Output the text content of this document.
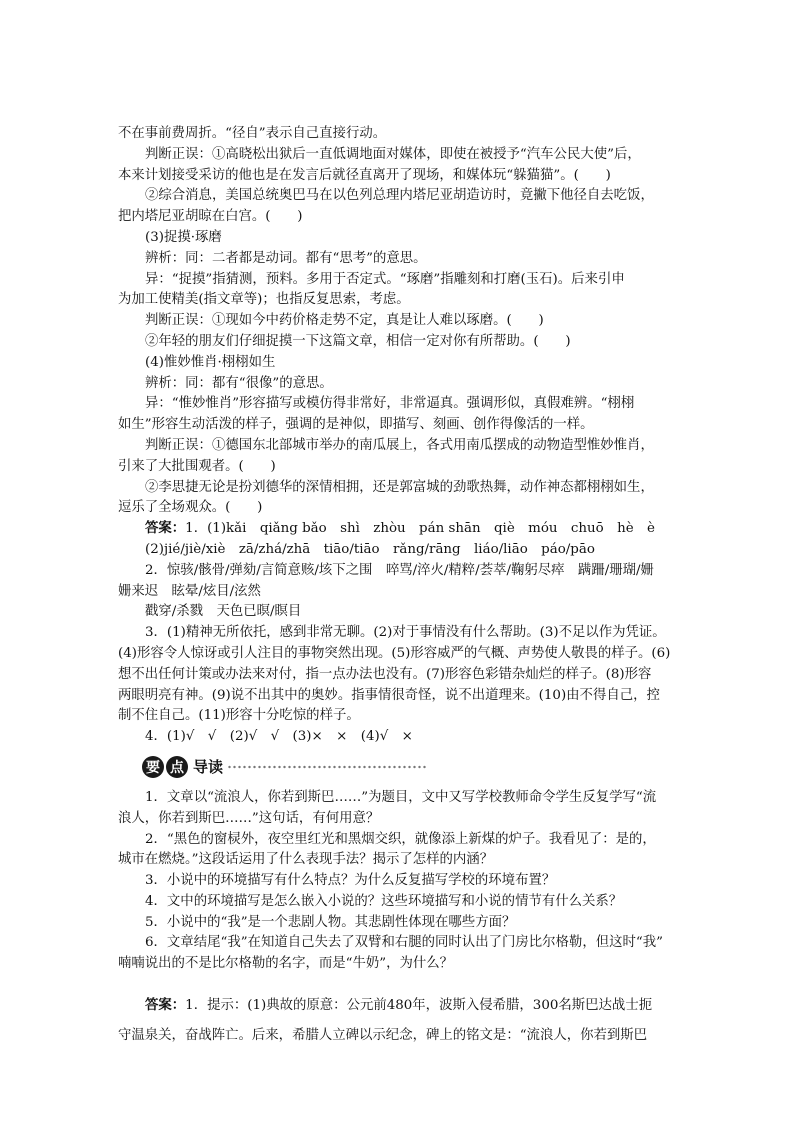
不在事前费周折。“径自”表示自己直接行动。
判断正误：①高晓松出狱后一直低调地面对媒体，即使在被授予“汽车公民大使”后，
本来计划接受采访的他也是在发言后就径直离开了现场，和媒体玩“躲猫猫”。(　　)
②综合消息，美国总统奥巴马在以色列总理内塔尼亚胡造访时，竟撇下他径自去吃饭，
把内塔尼亚胡晾在白宫。(　　)
(3)捉摸·琢磨
辨析：同：二者都是动词。都有“思考”的意思。
异：“捉摸”指猜测，预料。多用于否定式。“琢磨”指雕刻和打磨(玉石)。后来引申
为加工使精美(指文章等)；也指反复思索，考虑。
判断正误：①现如今中药价格走势不定，真是让人难以琢磨。(　　)
②年轻的朋友们仔细捉摸一下这篇文章，相信一定对你有所帮助。(　　)
(4)惟妙惟肖·栩栩如生
辨析：同：都有“很像”的意思。
异：“惟妙惟肖”形容描写或模仿得非常好，非常逼真。强调形似，真假难辨。“栩栩
如生”形容生动活泼的样子，强调的是神似，即描写、刻画、创作得像活的一样。
判断正误：①德国东北部城市举办的南瓜展上，各式用南瓜摆成的动物造型惟妙惟肖，
引来了大批围观者。(　　)
②李思捷无论是扮刘德华的深情相拥，还是郭富城的劲歌热舞，动作神态都栩栩如生，
逗乐了全场观众。(　　)
答案：1．(1)kǎi　qiǎng bǎo　shì　zhòu　pán shān　qiè　móu　chuō　hè　è
(2)jié/jiè/xiè　zā/zhá/zhā　tiāo/tiāo　rǎng/rāng　liáo/liāo　páo/pāo
2．惊骇/骸骨/弹劾/言简意赅/垓下之围　啐骂/淬火/精粹/荟萃/鞠躬尽瘁　蹒跚/珊瑚/姗
姗来迟　眩晕/炫目/泫然
戳穿/杀戮　天色已暝/瞑目
3．(1)精神无所依托，感到非常无聊。(2)对于事情没有什么帮助。(3)不足以作为凭证。
(4)形容令人惊讶或引人注目的事物突然出现。(5)形容威严的气概、声势使人敬畏的样子。(6)
想不出任何计策或办法来对付，指一点办法也没有。(7)形容色彩错杂灿烂的样子。(8)形容
两眼明亮有神。(9)说不出其中的奥妙。指事情很奇怪，说不出道理来。(10)由不得自己，控
制不住自己。(11)形容十分吃惊的样子。
4．(1)√　√　(2)√　√　(3)×　×　(4)√　×
要 点 导读
1．文章以“流浪人，你若到斯巴……”为题目，文中又写学校教师命令学生反复学写“流
浪人，你若到斯巴……”这句话，有何用意？
2．“黑色的窗棂外，夜空里红光和黑烟交织，就像添上新煤的炉子。我看见了：是的，
城市在燃烧。”这段话运用了什么表现手法？揭示了怎样的内涵？
3．小说中的环境描写有什么特点？为什么反复描写学校的环境布置？
4．文中的环境描写是怎么嵌入小说的？这些环境描写和小说的情节有什么关系？
5．小说中的“我”是一个悲剧人物。其悲剧性体现在哪些方面？
6．文章结尾“我”在知道自己失去了双臂和右腿的同时认出了门房比尔格勒，但这时“我”
喃喃说出的不是比尔格勒的名字，而是“牛奶”，为什么？
答案：1．提示：(1)典故的原意：公元前480年，波斯入侵希腊，300名斯巴达战士扼
守温泉关，奋战阵亡。后来，希腊人立碑以示纪念，碑上的铭文是：“流浪人，你若到斯巴
